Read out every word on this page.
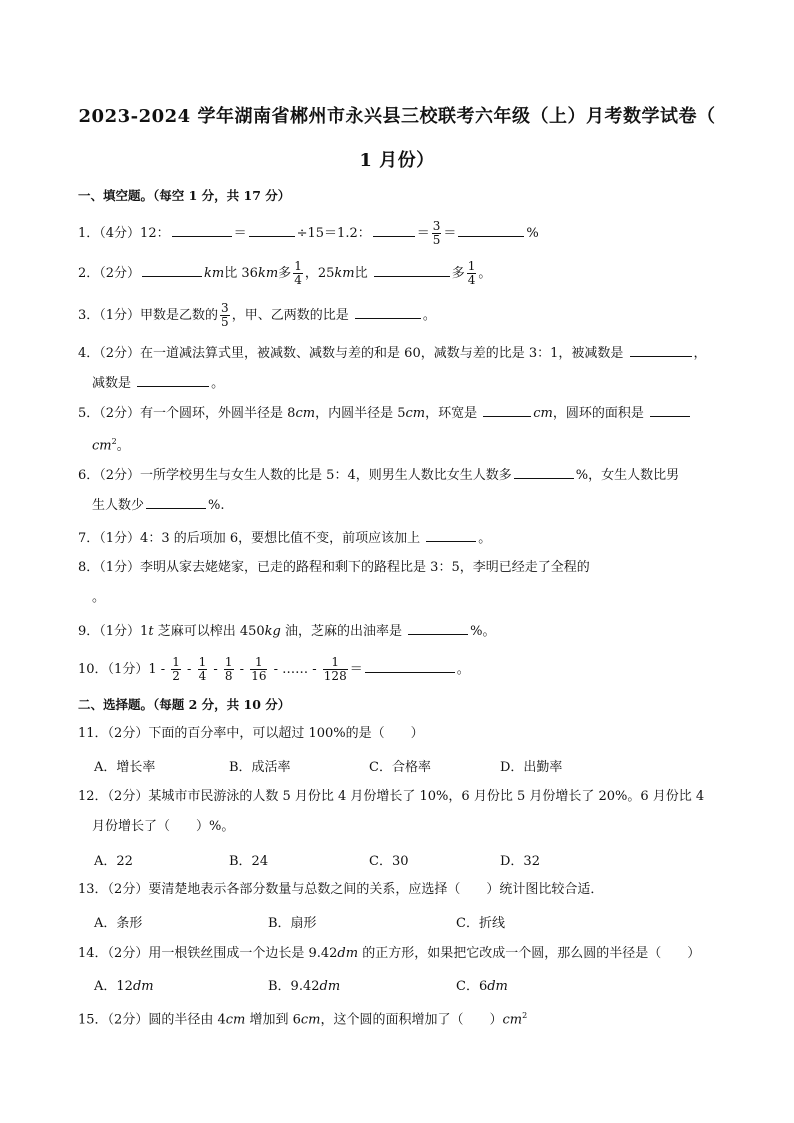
2023-2024 学年湖南省郴州市永兴县三校联考六年级（上）月考数学试卷（
1 月份）
一、填空题。（每空 1 分，共 17 分）
1．（4分）12：	＝	÷15＝1.2：	＝ $\frac{3}{5}$ ＝	%
2．（2分）	km比 36km多 $\frac{1}{4}$ ，25km比	多 $\frac{1}{4}$ 。
3．（1分）甲数是乙数的 $\frac{3}{5}$ ，甲、乙两数的比是	。
4．（2分）在一道减法算式里，被减数、减数与差的和是 60，减数与差的比是 3：1，被减数是	，
减数是	。
5．（2分）有一个圆环，外圆半径是 8cm，内圆半径是 5cm，环宽是	cm，圆环的面积是
$cm^2$。
6．（2分）一所学校男生与女生人数的比是 5：4，则男生人数比女生人数多	%，女生人数比男
生人数少	%.
7．（1分）4：3 的后项加 6，要想比值不变，前项应该加上	。
8．（1分）李明从家去姥姥家，已走的路程和剩下的路程比是 3：5，李明已经走了全程的
。
9．（1分）1t 芝麻可以榨出 450kg 油，芝麻的出油率是	%。
10．（1分）$1 - \frac{1}{2} - \frac{1}{4} - \frac{1}{8} - \frac{1}{16}$ - …… - $\frac{1}{128}$ ＝	。
二、选择题。（每题 2 分，共 10 分）
11．（2分）下面的百分率中，可以超过 100%的是（　　）
A．增长率	B．成活率	C．合格率	D．出勤率
12．（2分）某城市市民游泳的人数 5 月份比 4 月份增长了 10%，6 月份比 5 月份增长了 20%。6 月份比 4
月份增长了（　　）%。
A．22	B．24	C．30	D．32
13．（2分）要清楚地表示各部分数量与总数之间的关系，应选择（　　）统计图比较合适．
A．条形	B．扇形	C．折线
14．（2分）用一根铁丝围成一个边长是 9.42dm 的正方形，如果把它改成一个圆，那么圆的半径是（　　）
A．12dm	B．9.42dm	C．6dm
15．（2分）圆的半径由 4cm 增加到 6cm，这个圆的面积增加了（　　）$cm^2$
